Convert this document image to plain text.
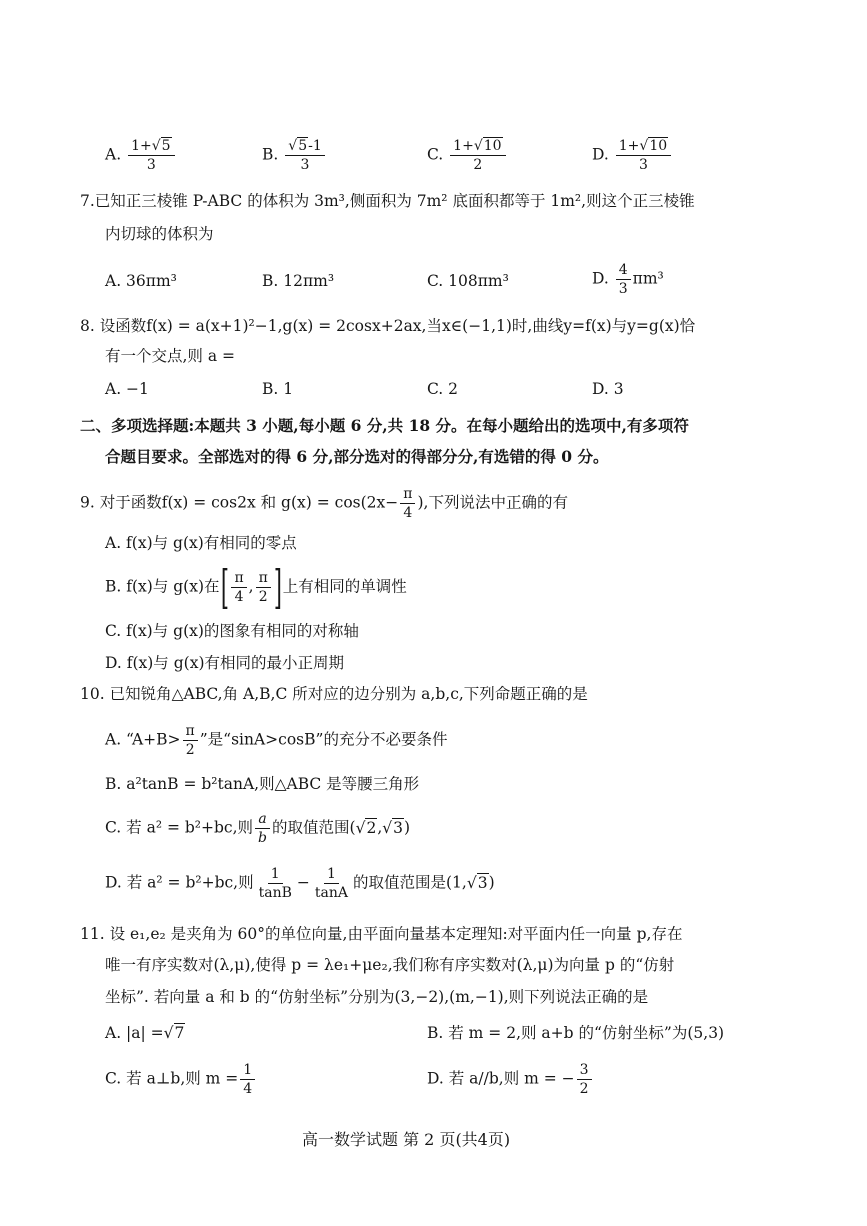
A. $\frac{1+√5}{3}$	B. $\frac{√5-1}{3}$	C. $\frac{1+√10}{2}$	D. $\frac{1+√10}{3}$
7.已知正三棱锥 P-ABC 的体积为 3m³,侧面积为 7m² 底面积都等于 1m²,则这个正三棱锥
内切球的体积为
A. 36πm³	B. 12πm³	C. 108πm³	D. $\frac{4}{3} \pi m^3$
8. 设函数f(x) = a(x+1)²−1,g(x) = 2cosx+2ax,当x∈(−1,1)时,曲线y=f(x)与y=g(x)恰
有一个交点,则 a =
A. −1	B. 1	C. 2	D. 3
二、多项选择题:本题共 3 小题,每小题 6 分,共 18 分。在每小题给出的选项中,有多项符
合题目要求。全部选对的得 6 分,部分选对的得部分分,有选错的得 0 分。
9. 对于函数f(x) = cos2x 和 $g(x) = \cos(2x- \frac{\pi}{4}$ ),下列说法中正确的有
A. f(x)与 g(x)有相同的零点
B. f(x)与 g(x)在[ $\frac{\pi}{4}$ , $\frac{\pi}{2}$ ]上有相同的单调性
C. f(x)与 g(x)的图象有相同的对称轴
D. f(x)与 g(x)有相同的最小正周期
10. 已知锐角△ABC,角 A,B,C 所对应的边分别为 a,b,c,下列命题正确的是
A. “$A+B> \frac{\pi}{2}$ ”是“sinA>cosB”的充分不必要条件
B. a²tanB = b²tanA,则△ABC 是等腰三角形
C. 若 a² = b²+bc,则 $\frac{a}{b}$ 的取值范围(√2,√3)
D. 若 a² = b²+bc,则 $\frac{1}{\tan B} - \frac{1}{\tan A}$ 的取值范围是(1,√3)
11. 设 e₁,e₂ 是夹角为 60°的单位向量,由平面向量基本定理知:对平面内任一向量 p,存在
唯一有序实数对(λ,μ),使得 p = λe₁+μe₂,我们称有序实数对(λ,μ)为向量 p 的“仿射
坐标”. 若向量 a 和 b 的“仿射坐标”分别为(3,−2),(m,−1),则下列说法正确的是
A. |a| =√7	B. 若 m = 2,则 a+b 的“仿射坐标”为(5,3)
C. 若 a⊥b,则 $m = \frac{1}{4}$	D. 若 a//b,则 m = − $\frac{3}{2}$
高一数学试题 第 2 页(共4页)
